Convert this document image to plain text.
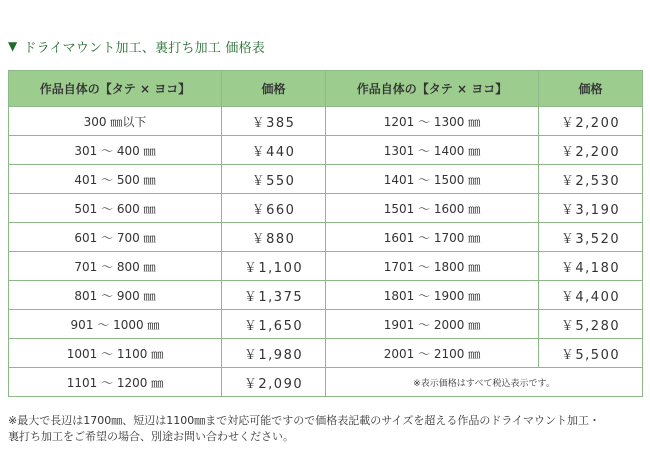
▼ ドライマウント加工、裏打ち加工 価格表
作品自体の【タテ × ヨコ】	価格	作品自体の【タテ × ヨコ】	価格
300 ㎜以下	￥385	1201 ～ 1300 ㎜	￥2,200
301 ～ 400 ㎜	￥440	1301 ～ 1400 ㎜	￥2,200
401 ～ 500 ㎜	￥550	1401 ～ 1500 ㎜	￥2,530
501 ～ 600 ㎜	￥660	1501 ～ 1600 ㎜	￥3,190
601 ～ 700 ㎜	￥880	1601 ～ 1700 ㎜	￥3,520
701 ～ 800 ㎜	￥1,100	1701 ～ 1800 ㎜	￥4,180
801 ～ 900 ㎜	￥1,375	1801 ～ 1900 ㎜	￥4,400
901 ～ 1000 ㎜	￥1,650	1901 ～ 2000 ㎜	￥5,280
1001 ～ 1100 ㎜	￥1,980	2001 ～ 2100 ㎜	￥5,500
1101 ～ 1200 ㎜	￥2,090	※表示価格はすべて税込表示です。	
※最大で長辺は1700㎜、短辺は1100㎜まで対応可能ですので価格表記載のサイズを超える作品のドライマウント加工・
裏打ち加工をご希望の場合、別途お問い合わせください。
